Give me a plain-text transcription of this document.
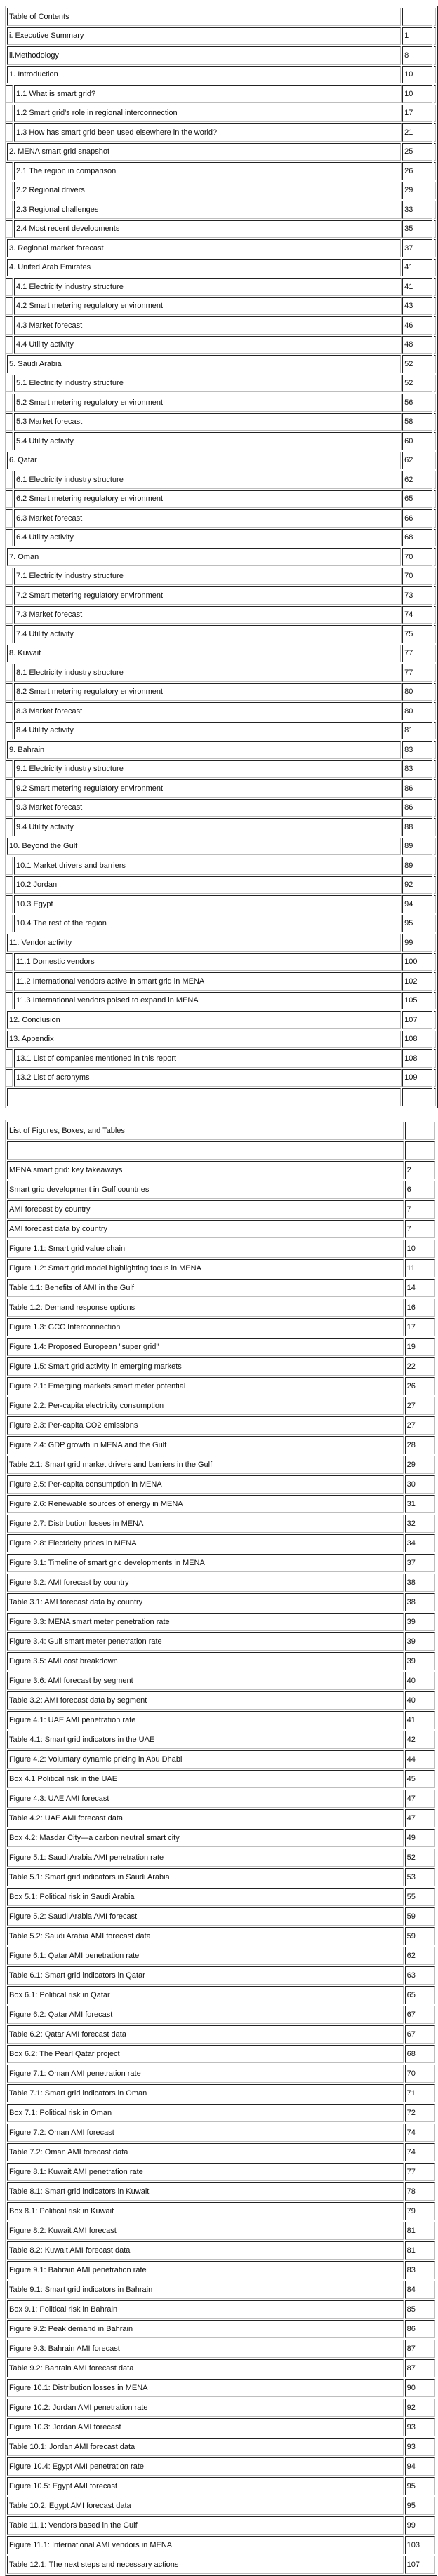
Table of Contents		
i. Executive Summary	1	
ii.Methodology	8	
1. Introduction	10	

1.1 What is smart grid?	10	

1.2 Smart grid's role in regional interconnection	17	

1.3 How has smart grid been used elsewhere in the world?	21	
2. MENA smart grid snapshot	25	

2.1 The region in comparison	26	

2.2 Regional drivers	29	

2.3 Regional challenges	33	

2.4 Most recent developments	35	
3. Regional market forecast	37	
4. United Arab Emirates	41	

4.1 Electricity industry structure	41	

4.2 Smart metering regulatory environment	43	

4.3 Market forecast	46	

4.4 Utility activity	48	
5. Saudi Arabia	52	

5.1 Electricity industry structure	52	

5.2 Smart metering regulatory environment	56	

5.3 Market forecast	58	

5.4 Utility activity	60	
6. Qatar	62	

6.1 Electricity industry structure	62	

6.2 Smart metering regulatory environment	65	

6.3 Market forecast	66	

6.4 Utility activity	68	
7. Oman	70	

7.1 Electricity industry structure	70	

7.2 Smart metering regulatory environment	73	

7.3 Market forecast	74	

7.4 Utility activity	75	
8. Kuwait	77	

8.1 Electricity industry structure	77	

8.2 Smart metering regulatory environment	80	

8.3 Market forecast	80	

8.4 Utility activity	81	
9. Bahrain	83	

9.1 Electricity industry structure	83	

9.2 Smart metering regulatory environment	86	

9.3 Market forecast	86	

9.4 Utility activity	88	
10. Beyond the Gulf	89	

10.1 Market drivers and barriers	89	

10.2 Jordan	92	

10.3 Egypt	94	

10.4 The rest of the region	95	
11. Vendor activity	99	

11.1 Domestic vendors	100	

11.2 International vendors active in smart grid in MENA	102	

11.3 International vendors poised to expand in MENA	105	
12. Conclusion	107	
13. Appendix	108	

13.1 List of companies mentioned in this report	108	

13.2 List of acronyms	109	

List of Figures, Boxes, and Tables	

MENA smart grid: key takeaways	2
Smart grid development in Gulf countries	6
AMI forecast by country	7
AMI forecast data by country	7
Figure 1.1: Smart grid value chain	10
Figure 1.2: Smart grid model highlighting focus in MENA	11
Table 1.1: Benefits of AMI in the Gulf	14
Table 1.2: Demand response options	16
Figure 1.3: GCC Interconnection	17
Figure 1.4: Proposed European "super grid"	19
Figure 1.5: Smart grid activity in emerging markets	22
Figure 2.1: Emerging markets smart meter potential	26
Figure 2.2: Per-capita electricity consumption	27
Figure 2.3: Per-capita CO2 emissions	27
Figure 2.4: GDP growth in MENA and the Gulf	28
Table 2.1: Smart grid market drivers and barriers in the Gulf	29
Figure 2.5: Per-capita consumption in MENA	30
Figure 2.6: Renewable sources of energy in MENA	31
Figure 2.7: Distribution losses in MENA	32
Figure 2.8: Electricity prices in MENA	34
Figure 3.1: Timeline of smart grid developments in MENA	37
Figure 3.2: AMI forecast by country	38
Table 3.1: AMI forecast data by country	38
Figure 3.3: MENA smart meter penetration rate	39
Figure 3.4: Gulf smart meter penetration rate	39
Figure 3.5: AMI cost breakdown	39
Figure 3.6: AMI forecast by segment	40
Table 3.2: AMI forecast data by segment	40
Figure 4.1: UAE AMI penetration rate	41
Table 4.1: Smart grid indicators in the UAE	42
Figure 4.2: Voluntary dynamic pricing in Abu Dhabi	44
Box 4.1 Political risk in the UAE	45
Figure 4.3: UAE AMI forecast	47
Table 4.2: UAE AMI forecast data	47
Box 4.2: Masdar City—a carbon neutral smart city	49
Figure 5.1: Saudi Arabia AMI penetration rate	52
Table 5.1: Smart grid indicators in Saudi Arabia	53
Box 5.1: Political risk in Saudi Arabia	55
Figure 5.2: Saudi Arabia AMI forecast	59
Table 5.2: Saudi Arabia AMI forecast data	59
Figure 6.1: Qatar AMI penetration rate	62
Table 6.1: Smart grid indicators in Qatar	63
Box 6.1: Political risk in Qatar	65
Figure 6.2: Qatar AMI forecast	67
Table 6.2: Qatar AMI forecast data	67
Box 6.2: The Pearl Qatar project	68
Figure 7.1: Oman AMI penetration rate	70
Table 7.1: Smart grid indicators in Oman	71
Box 7.1: Political risk in Oman	72
Figure 7.2: Oman AMI forecast	74
Table 7.2: Oman AMI forecast data	74
Figure 8.1: Kuwait AMI penetration rate	77
Table 8.1: Smart grid indicators in Kuwait	78
Box 8.1: Political risk in Kuwait	79
Figure 8.2: Kuwait AMI forecast	81
Table 8.2: Kuwait AMI forecast data	81
Figure 9.1: Bahrain AMI penetration rate	83
Table 9.1: Smart grid indicators in Bahrain	84
Box 9.1: Political risk in Bahrain	85
Figure 9.2: Peak demand in Bahrain	86
Figure 9.3: Bahrain AMI forecast	87
Table 9.2: Bahrain AMI forecast data	87
Figure 10.1: Distribution losses in MENA	90
Figure 10.2: Jordan AMI penetration rate	92
Figure 10.3: Jordan AMI forecast	93
Table 10.1: Jordan AMI forecast data	93
Figure 10.4: Egypt AMI penetration rate	94
Figure 10.5: Egypt AMI forecast	95
Table 10.2: Egypt AMI forecast data	95
Table 11.1: Vendors based in the Gulf	99
Figure 11.1: International AMI vendors in MENA	103
Table 12.1: The next steps and necessary actions	107
